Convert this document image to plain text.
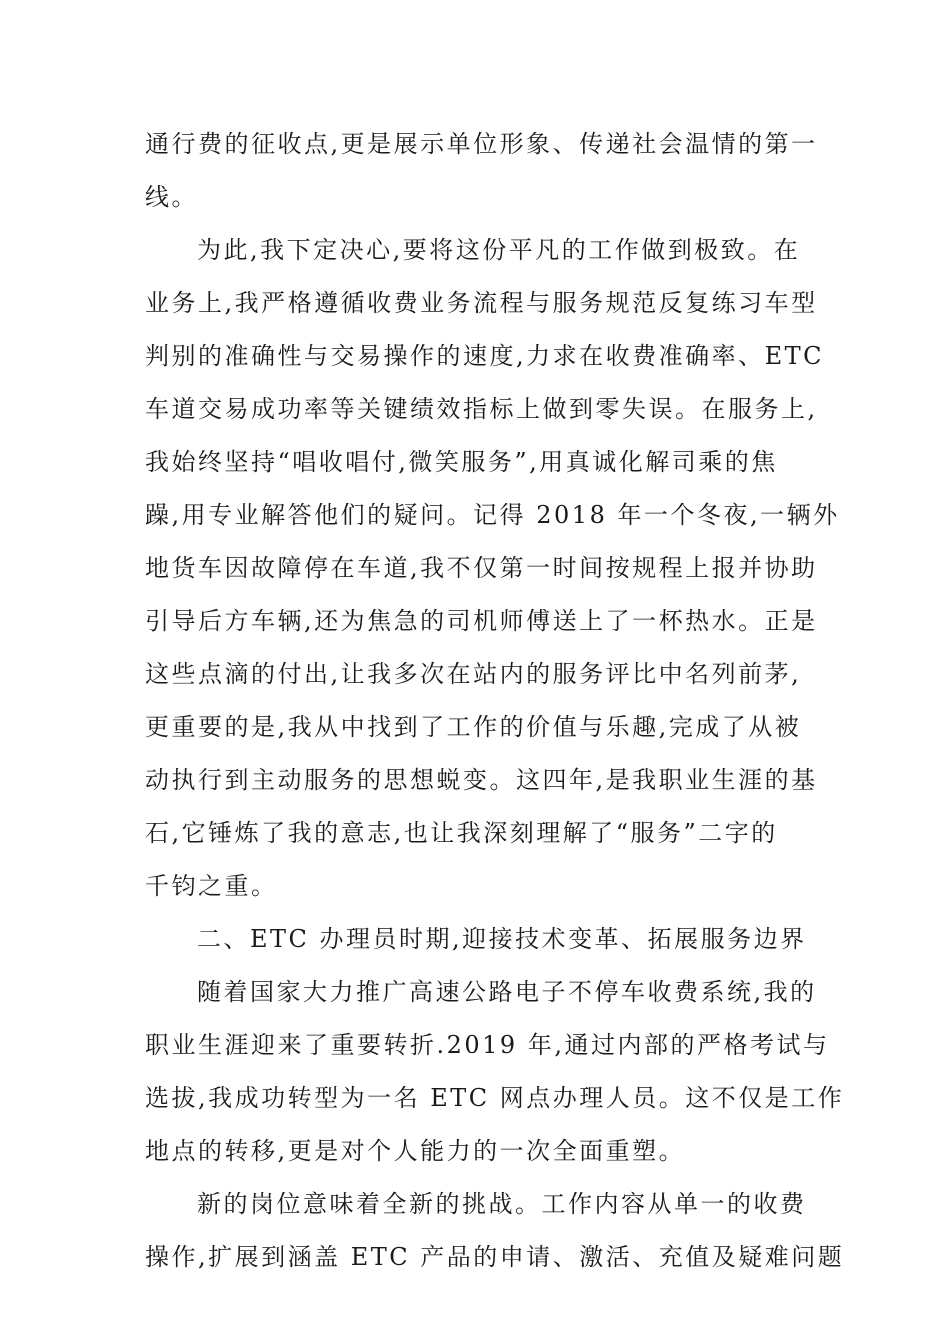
通行费的征收点,更是展示单位形象、传递社会温情的第一
线。
为此,我下定决心,要将这份平凡的工作做到极致。在
业务上,我严格遵循收费业务流程与服务规范反复练习车型
判别的准确性与交易操作的速度,力求在收费准确率、ETC
车道交易成功率等关键绩效指标上做到零失误。在服务上,
我始终坚持“唱收唱付,微笑服务”,用真诚化解司乘的焦
躁,用专业解答他们的疑问。记得 2018 年一个冬夜,一辆外
地货车因故障停在车道,我不仅第一时间按规程上报并协助
引导后方车辆,还为焦急的司机师傅送上了一杯热水。正是
这些点滴的付出,让我多次在站内的服务评比中名列前茅,
更重要的是,我从中找到了工作的价值与乐趣,完成了从被
动执行到主动服务的思想蜕变。这四年,是我职业生涯的基
石,它锤炼了我的意志,也让我深刻理解了“服务”二字的
千钧之重。
二、ETC 办理员时期,迎接技术变革、拓展服务边界
随着国家大力推广高速公路电子不停车收费系统,我的
职业生涯迎来了重要转折.2019 年,通过内部的严格考试与
选拔,我成功转型为一名 ETC 网点办理人员。这不仅是工作
地点的转移,更是对个人能力的一次全面重塑。
新的岗位意味着全新的挑战。工作内容从单一的收费
操作,扩展到涵盖 ETC 产品的申请、激活、充值及疑难问题
